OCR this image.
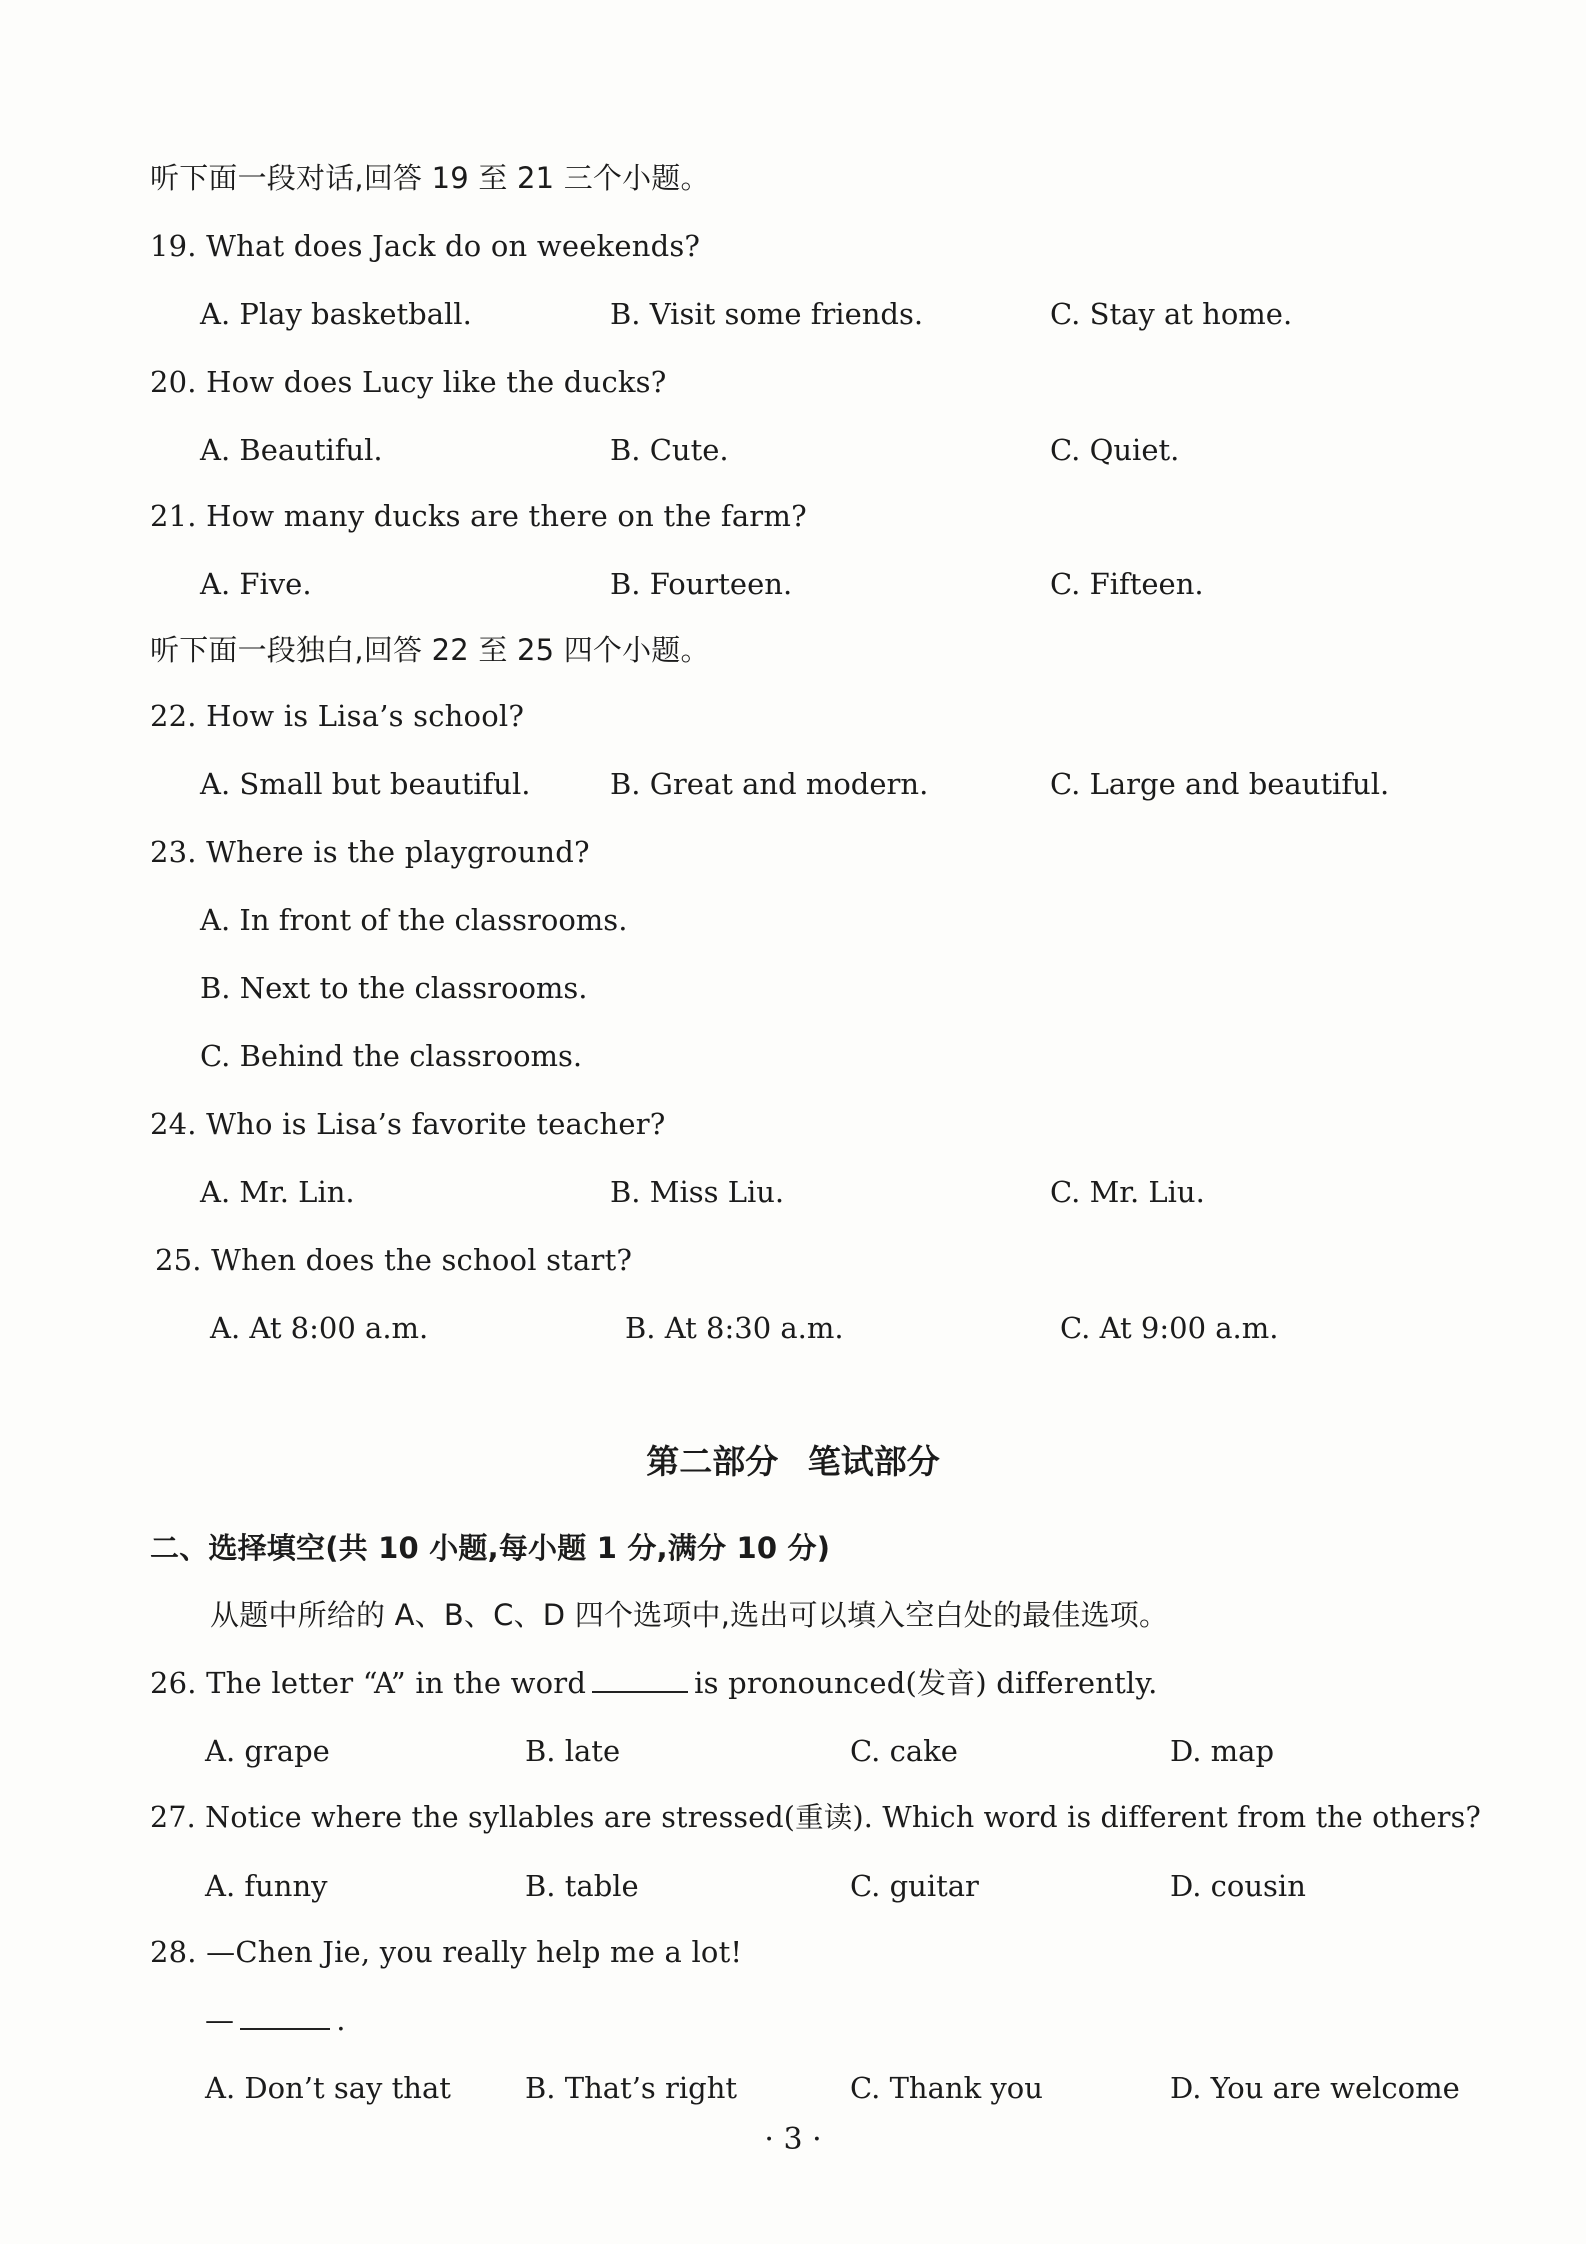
听下面一段对话,回答 19 至 21 三个小题。
19. What does Jack do on weekends?
A. Play basketball.	B. Visit some friends.	C. Stay at home.
20. How does Lucy like the ducks?
A. Beautiful.	B. Cute.	C. Quiet.
21. How many ducks are there on the farm?
A. Five.	B. Fourteen.	C. Fifteen.
听下面一段独白,回答 22 至 25 四个小题。
22. How is Lisa’s school?
A. Small but beautiful.	B. Great and modern.	C. Large and beautiful.
23. Where is the playground?
A. In front of the classrooms.
B. Next to the classrooms.
C. Behind the classrooms.
24. Who is Lisa’s favorite teacher?
A. Mr. Lin.	B. Miss Liu.	C. Mr. Liu.
25. When does the school start?
A. At 8:00 a.m.	B. At 8:30 a.m.	C. At 9:00 a.m.
第二部分 笔试部分
二、选择填空(共 10 小题,每小题 1 分,满分 10 分)
从题中所给的 A、B、C、D 四个选项中,选出可以填入空白处的最佳选项。
26. The letter “A” in the word	is pronounced(发音) differently.
A. grape	B. late	C. cake	D. map
27. Notice where the syllables are stressed(重读). Which word is different from the others?
A. funny	B. table	C. guitar	D. cousin
28. —Chen Jie, you really help me a lot!
—	.
A. Don’t say that	B. That’s right	C. Thank you	D. You are welcome
· 3 ·
